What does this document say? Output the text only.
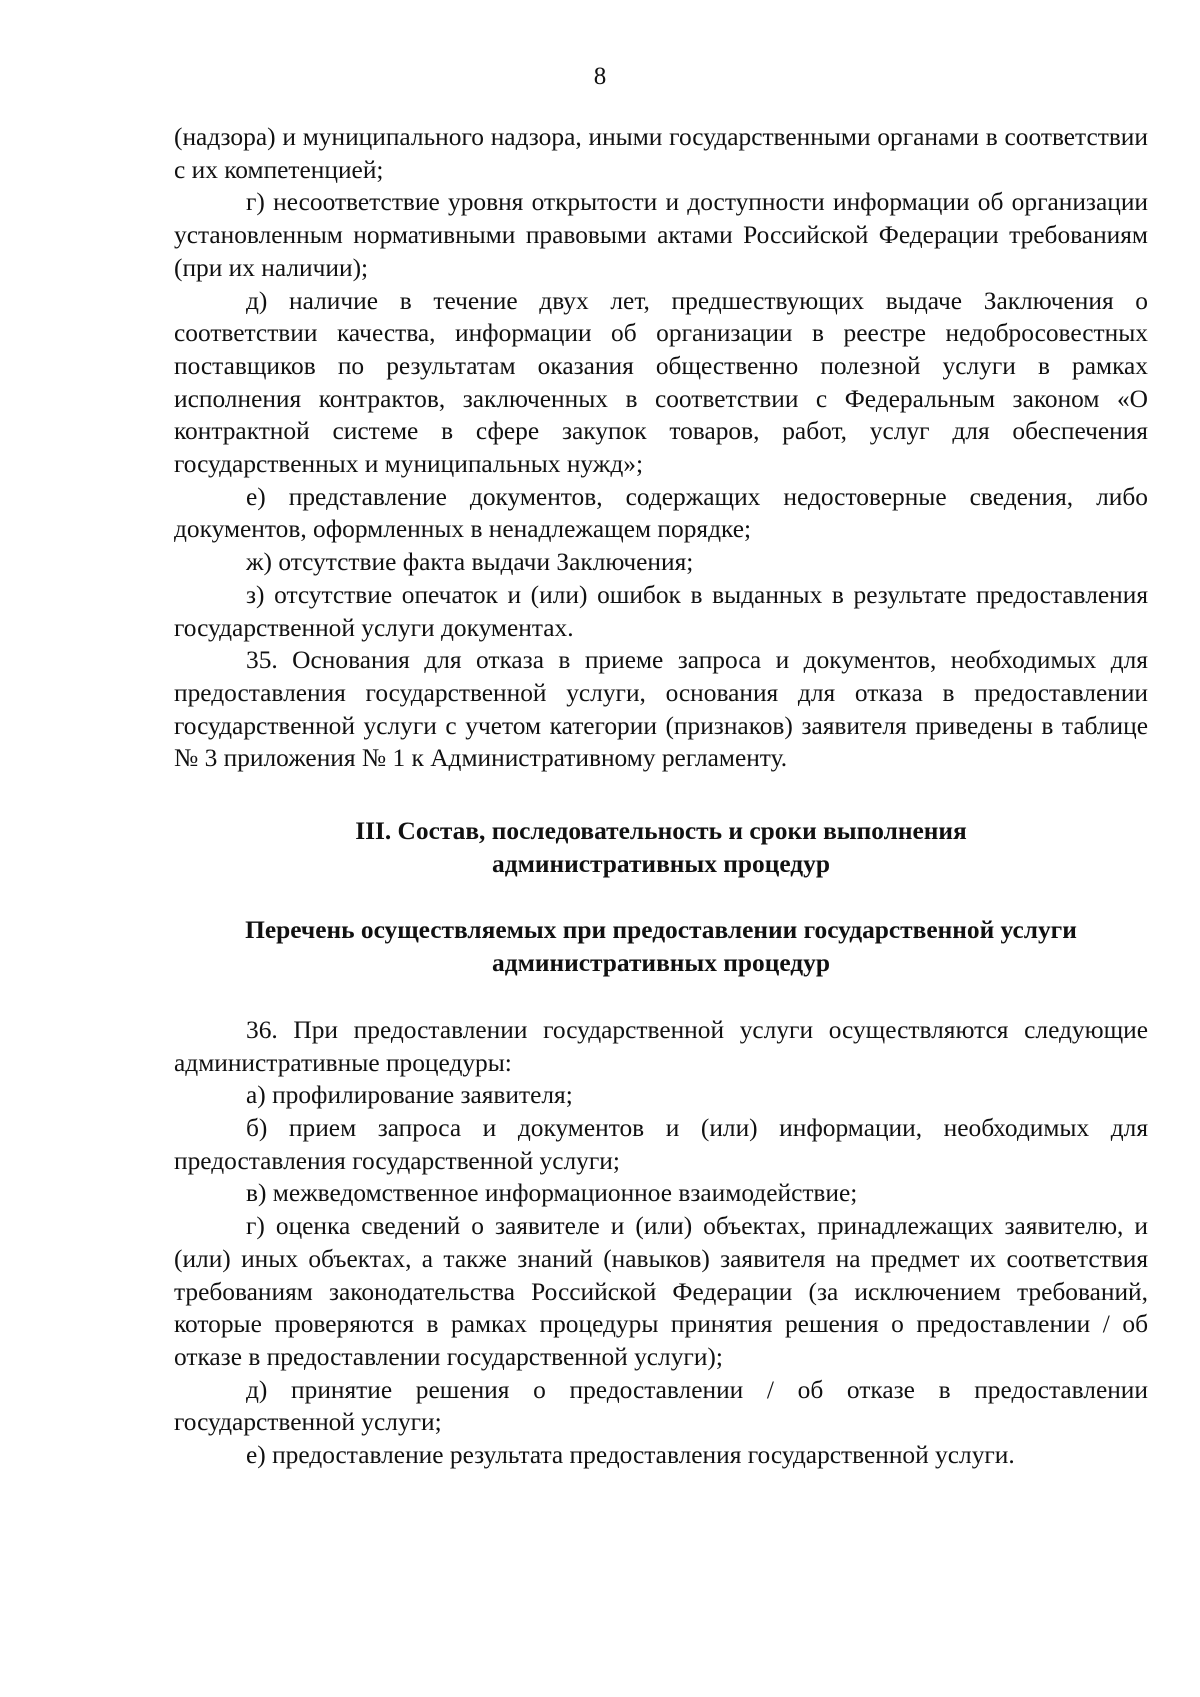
8

(надзора) и муниципального надзора, иными государственными органами в соответствии с их компетенцией;

г) несоответствие уровня открытости и доступности информации об организации установленным нормативными правовыми актами Российской Федерации требованиям (при их наличии);

д) наличие в течение двух лет, предшествующих выдаче Заключения о соответствии качества, информации об организации в реестре недобросовестных поставщиков по результатам оказания общественно полезной услуги в рамках исполнения контрактов, заключенных в соответствии с Федеральным законом «О контрактной системе в сфере закупок товаров, работ, услуг для обеспечения государственных и муниципальных нужд»;

е) представление документов, содержащих недостоверные сведения, либо документов, оформленных в ненадлежащем порядке;

ж) отсутствие факта выдачи Заключения;

з) отсутствие опечаток и (или) ошибок в выданных в результате предоставления государственной услуги документах.

35. Основания для отказа в приеме запроса и документов, необходимых для предоставления государственной услуги, основания для отказа в предоставлении государственной услуги с учетом категории (признаков) заявителя приведены в таблице № 3 приложения № 1 к Административному регламенту.

III. Состав, последовательность и сроки выполнения
административных процедур
Перечень осуществляемых при предоставлении государственной услуги
административных процедур

36. При предоставлении государственной услуги осуществляются следующие административные процедуры:

а) профилирование заявителя;

б) прием запроса и документов и (или) информации, необходимых для предоставления государственной услуги;

в) межведомственное информационное взаимодействие;

г) оценка сведений о заявителе и (или) объектах, принадлежащих заявителю, и (или) иных объектах, а также знаний (навыков) заявителя на предмет их соответствия требованиям законодательства Российской Федерации (за исключением требований, которые проверяются в рамках процедуры принятия решения о предоставлении / об отказе в предоставлении государственной услуги);

д) принятие решения о предоставлении / об отказе в предоставлении государственной услуги;

е) предоставление результата предоставления государственной услуги.
